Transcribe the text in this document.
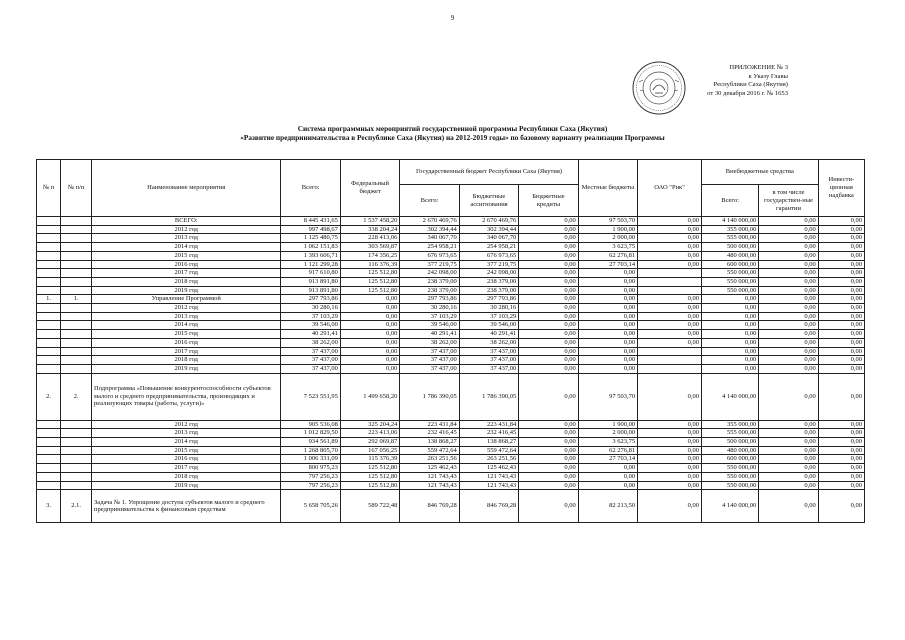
9
ПРИЛОЖЕНИЕ № 3
к Указу Главы
Республики Саха (Якутия)
от 30 декабря 2016 г. № 1653
Система программных мероприятий государственной программы Республики Саха (Якутия)
«Развитие предпринимательства в Республике Саха (Якутия) на 2012-2019 годы» по базовому варианту реализации Программы
№ п	№ п/п	Наименование мероприятия	Всего:	Федеральный бюджет	Государственный бюджет Республики Саха (Якутия)			Местные бюджеты	ОАО "Рик"	Внебюджетные средства		Инвести-ционная надбавка
					Всего:	Бюджетные ассигнования	Бюджетные кредиты			Всего:	в том числе государствен-ные гарантии	
		ВСЕГО:	8 445 431,65	1 537 458,20	2 670 469,76	2 670 469,76	0,00	97 503,70	0,00	4 140 000,00	0,00	0,00
		2012 год	997 498,67	338 204,24	302 394,44	302 394,44	0,00	1 900,00	0,00	355 000,00	0,00	0,00
		2013 год	1 125 480,75	228 413,06	340 067,70	340 067,70	0,00	2 000,00	0,00	555 000,00	0,00	0,00
		2014 год	1 062 151,83	303 569,87	254 958,21	254 958,21	0,00	3 623,75	0,00	500 000,00	0,00	0,00
		2015 год	1 393 606,71	174 356,25	676 973,65	676 973,65	0,00	62 276,81	0,00	480 000,00	0,00	0,00
		2016 год	1 121 299,28	116 376,39	377 219,75	377 219,75	0,00	27 703,14	0,00	600 000,00	0,00	0,00
		2017 год	917 610,80	125 512,80	242 098,00	242 098,00	0,00	0,00		550 000,00	0,00	0,00
		2018 год	913 891,80	125 512,80	238 379,00	238 379,00	0,00	0,00		550 000,00	0,00	0,00
		2019 год	913 891,80	125 512,80	238 379,00	238 379,00	0,00	0,00		550 000,00	0,00	0,00
1.	1.	Управление Программой	297 793,86	0,00	297 793,86	297 793,86	0,00	0,00	0,00	0,00	0,00	0,00
		2012 год	30 280,16	0,00	30 280,16	30 280,16	0,00	0,00	0,00	0,00	0,00	0,00
		2013 год	37 103,29	0,00	37 103,29	37 103,29	0,00	0,00	0,00	0,00	0,00	0,00
		2014 год	39 546,00	0,00	39 546,00	39 546,00	0,00	0,00	0,00	0,00	0,00	0,00
		2015 год	40 291,41	0,00	40 291,41	40 291,41	0,00	0,00	0,00	0,00	0,00	0,00
		2016 год	38 262,00	0,00	38 262,00	38 262,00	0,00	0,00	0,00	0,00	0,00	0,00
		2017 год	37 437,00	0,00	37 437,00	37 437,00	0,00	0,00		0,00	0,00	0,00
		2018 год	37 437,00	0,00	37 437,00	37 437,00	0,00	0,00		0,00	0,00	0,00
		2019 год	37 437,00	0,00	37 437,00	37 437,00	0,00	0,00		0,00	0,00	0,00
2.	2.	Подпрограмма «Повышение конкурентоспособности субъектов малого и среднего предпринимательства, производящих и реализующих товары (работы, услуги)»	7 523 551,95	1 499 658,20	1 786 390,05	1 786 390,05	0,00	97 503,70	0,00	4 140 000,00	0,00	0,00
		2012 год	905 536,08	325 204,24	223 431,84	223 431,84	0,00	1 900,00	0,00	355 000,00	0,00	0,00
		2013 год	1 012 829,50	223 413,06	232 416,45	232 416,45	0,00	2 000,00	0,00	555 000,00	0,00	0,00
		2014 год	934 561,89	292 069,87	138 868,27	138 868,27	0,00	3 623,75	0,00	500 000,00	0,00	0,00
		2015 год	1 268 805,70	167 056,25	559 472,64	559 472,64	0,00	62 276,81	0,00	480 000,00	0,00	0,00
		2016 год	1 006 331,09	115 376,39	263 251,56	263 251,56	0,00	27 703,14	0,00	600 000,00	0,00	0,00
		2017 год	800 975,23	125 512,80	125 462,43	125 462,43	0,00	0,00	0,00	550 000,00	0,00	0,00
		2018 год	797 256,23	125 512,80	121 743,43	121 743,43	0,00	0,00	0,00	550 000,00	0,00	0,00
		2019 год	797 256,23	125 512,80	121 743,43	121 743,43	0,00	0,00	0,00	550 000,00	0,00	0,00
3.	2.1.	Задача № 1. Упрощение доступа субъектов малого и среднего предпринимательства к финансовым средствам	5 658 705,26	589 722,48	846 769,28	846 769,28	0,00	82 213,50	0,00	4 140 000,00	0,00	0,00
